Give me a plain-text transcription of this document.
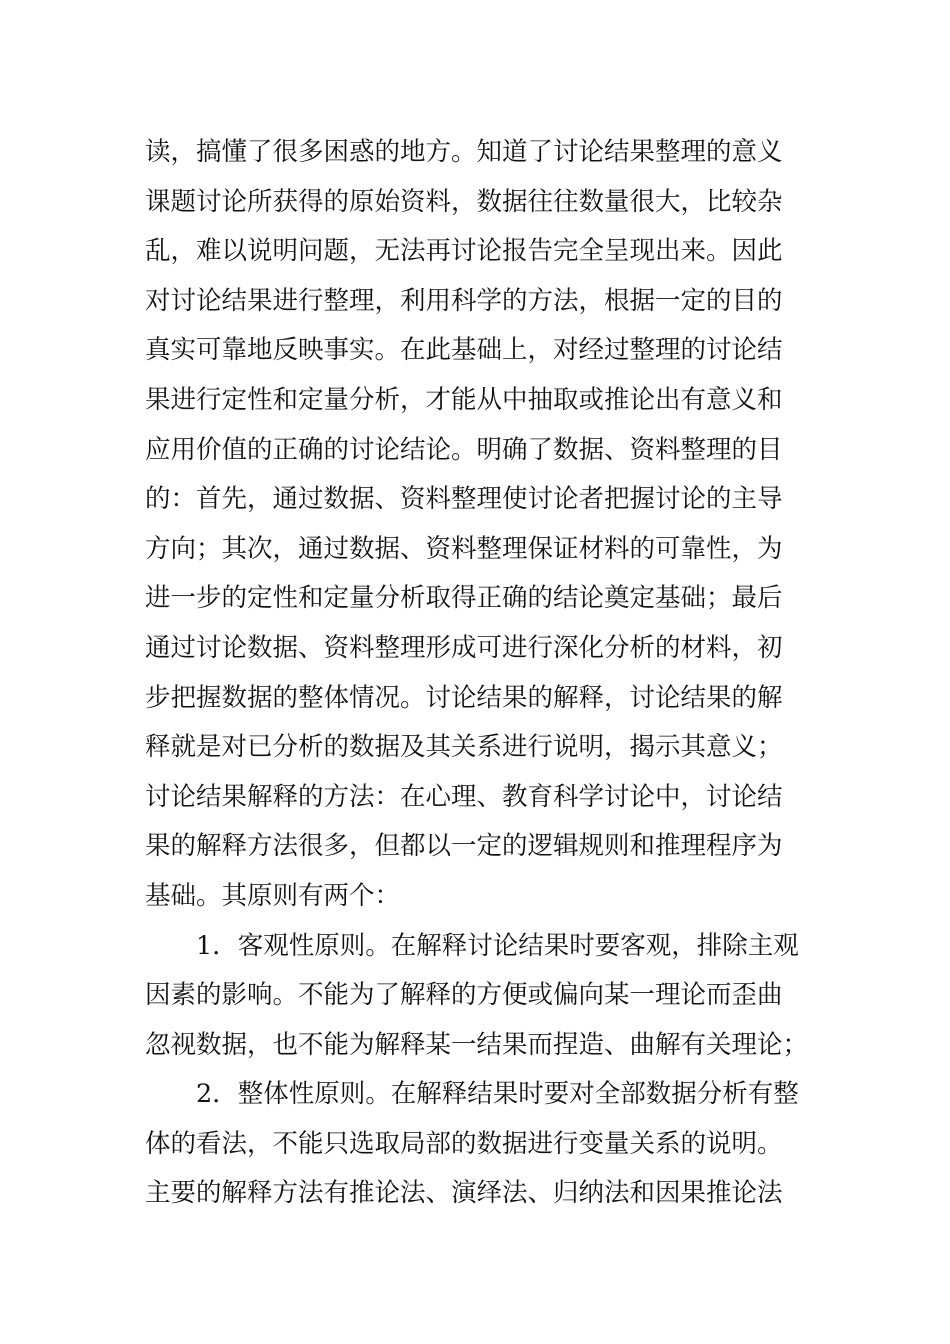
读，搞懂了很多困惑的地方。知道了讨论结果整理的意义
课题讨论所获得的原始资料，数据往往数量很大，比较杂
乱，难以说明问题，无法再讨论报告完全呈现出来。因此
对讨论结果进行整理，利用科学的方法，根据一定的目的
真实可靠地反映事实。在此基础上，对经过整理的讨论结
果进行定性和定量分析，才能从中抽取或推论出有意义和
应用价值的正确的讨论结论。明确了数据、资料整理的目
的：首先，通过数据、资料整理使讨论者把握讨论的主导
方向；其次，通过数据、资料整理保证材料的可靠性，为
进一步的定性和定量分析取得正确的结论奠定基础；最后
通过讨论数据、资料整理形成可进行深化分析的材料，初
步把握数据的整体情况。讨论结果的解释，讨论结果的解
释就是对已分析的数据及其关系进行说明，揭示其意义；
讨论结果解释的方法：在心理、教育科学讨论中，讨论结
果的解释方法很多，但都以一定的逻辑规则和推理程序为
基础。其原则有两个：
1．客观性原则。在解释讨论结果时要客观，排除主观
因素的影响。不能为了解释的方便或偏向某一理论而歪曲
忽视数据，也不能为解释某一结果而捏造、曲解有关理论；
2．整体性原则。在解释结果时要对全部数据分析有整
体的看法，不能只选取局部的数据进行变量关系的说明。
主要的解释方法有推论法、演绎法、归纳法和因果推论法
